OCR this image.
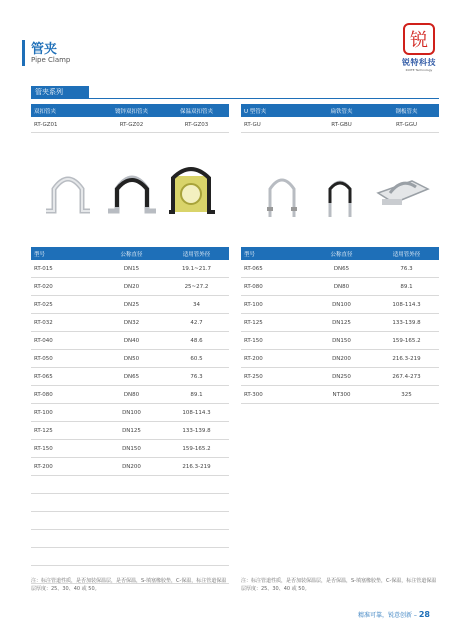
管夹
Pipe Clamp
锐
锐特科技
RUITE Technology
管夹系列
双扣管夹	镀锌双扣管夹	保温双扣管夹
RT-GZ01	RT-GZ02	RT-GZ03
U 型管夹	扁铁管夹	钢板管夹
RT-GU	RT-GBU	RT-GGU
型号	公称直径	适用管外径
RT-015	DN15	19.1~21.7
RT-020	DN20	25~27.2
RT-025	DN25	34
RT-032	DN32	42.7
RT-040	DN40	48.6
RT-050	DN50	60.5
RT-065	DN65	76.3
RT-080	DN80	89.1
RT-100	DN100	108-114.3
RT-125	DN125	133-139.8
RT-150	DN150	159-165.2
RT-200	DN200	216.3-219
型号	公称直径	适用管外径
RT-065	DN65	76.3
RT-080	DN80	89.1
RT-100	DN100	108-114.3
RT-125	DN125	133-139.8
RT-150	DN150	159-165.2
RT-200	DN200	216.3-219
RT-250	DN250	267.4-273
RT-300	NT300	325
注：标注管道性质，是否加装保温层，是否保温，S-填塞橡胶垫，C-保温，标注管道保温层厚度：25、30、40 或 50。
注：标注管道性质，是否加装保温层，是否保温，S-填塞橡胶垫，C-保温，标注管道保温层厚度：25、30、40 或 50。
精准可靠，锐意创新 – 28
